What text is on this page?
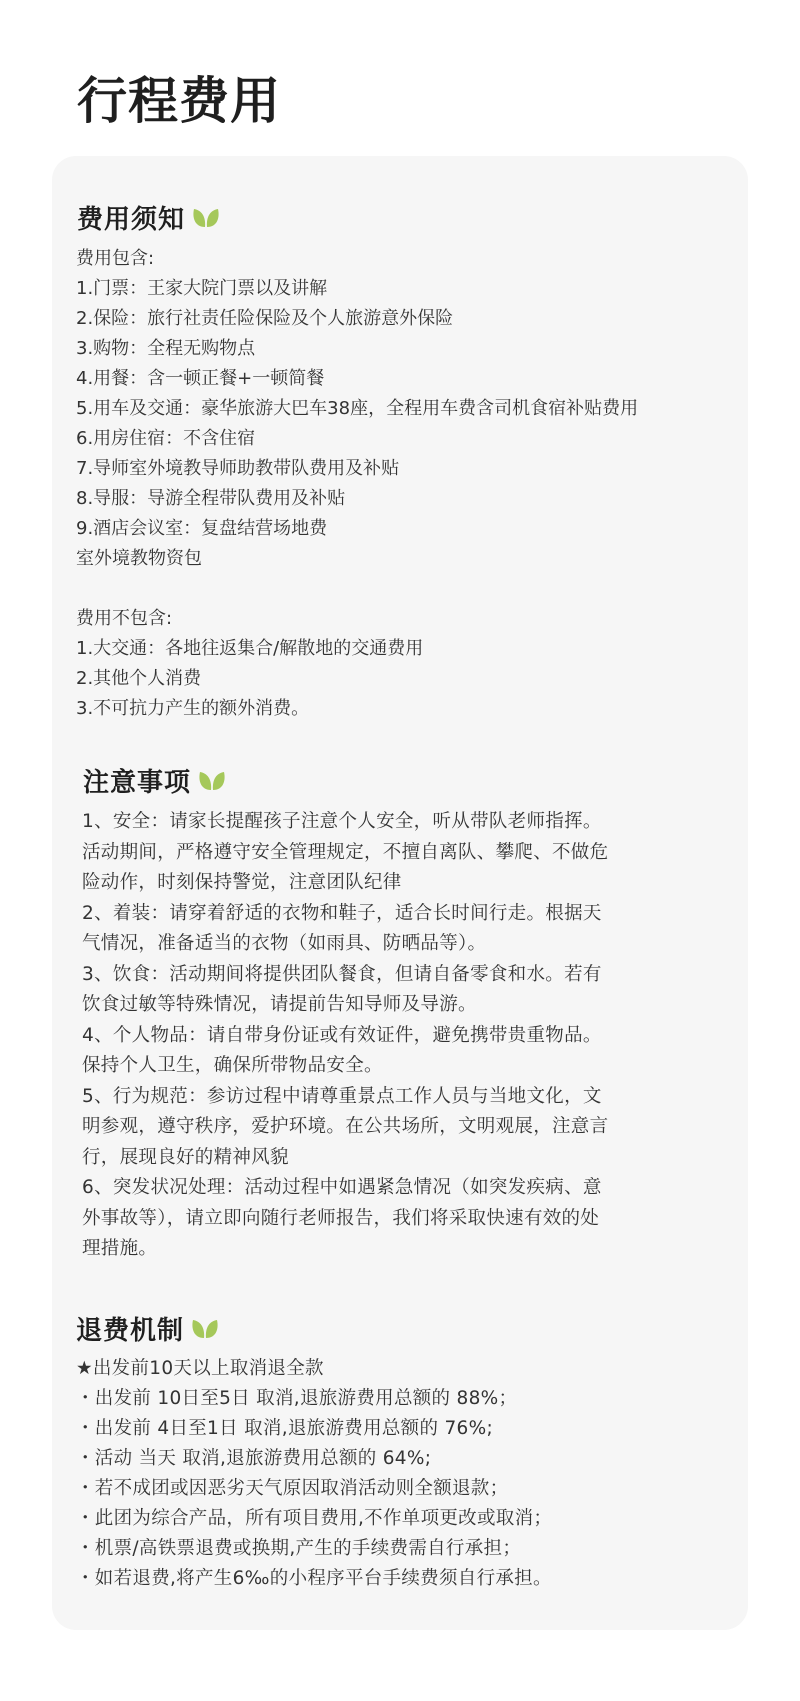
行程费用
费用须知
费用包含:
1.门票：王家大院门票以及讲解
2.保险：旅行社责任险保险及个人旅游意外保险
3.购物：全程无购物点
4.用餐：含一顿正餐+一顿简餐
5.用车及交通：豪华旅游大巴车38座，全程用车费含司机食宿补贴费用
6.用房住宿：不含住宿
7.导师室外境教导师助教带队费用及补贴
8.导服：导游全程带队费用及补贴
9.酒店会议室：复盘结营场地费
室外境教物资包
费用不包含:
1.大交通：各地往返集合/解散地的交通费用
2.其他个人消费
3.不可抗力产生的额外消费。
注意事项
1、安全：请家长提醒孩子注意个人安全，听从带队老师指挥。
活动期间，严格遵守安全管理规定，不擅自离队、攀爬、不做危
险动作，时刻保持警觉，注意团队纪律
2、着装：请穿着舒适的衣物和鞋子，适合长时间行走。根据天
气情况，准备适当的衣物（如雨具、防晒品等）。
3、饮食：活动期间将提供团队餐食，但请自备零食和水。若有
饮食过敏等特殊情况，请提前告知导师及导游。
4、个人物品：请自带身份证或有效证件，避免携带贵重物品。
保持个人卫生，确保所带物品安全。
5、行为规范：参访过程中请尊重景点工作人员与当地文化，文
明参观，遵守秩序，爱护环境。在公共场所，文明观展，注意言
行，展现良好的精神风貌
6、突发状况处理：活动过程中如遇紧急情况（如突发疾病、意
外事故等），请立即向随行老师报告，我们将采取快速有效的处
理措施。
退费机制
★出发前10天以上取消退全款
・出发前 10日至5日 取消,退旅游费用总额的 88%；
・出发前 4日至1日 取消,退旅游费用总额的 76%;
・活动 当天 取消,退旅游费用总额的 64%;
・若不成团或因恶劣天气原因取消活动则全额退款；
・此团为综合产品，所有项目费用,不作单项更改或取消；
・机票/高铁票退费或换期,产生的手续费需自行承担；
・如若退费,将产生6‰的小程序平台手续费须自行承担。
